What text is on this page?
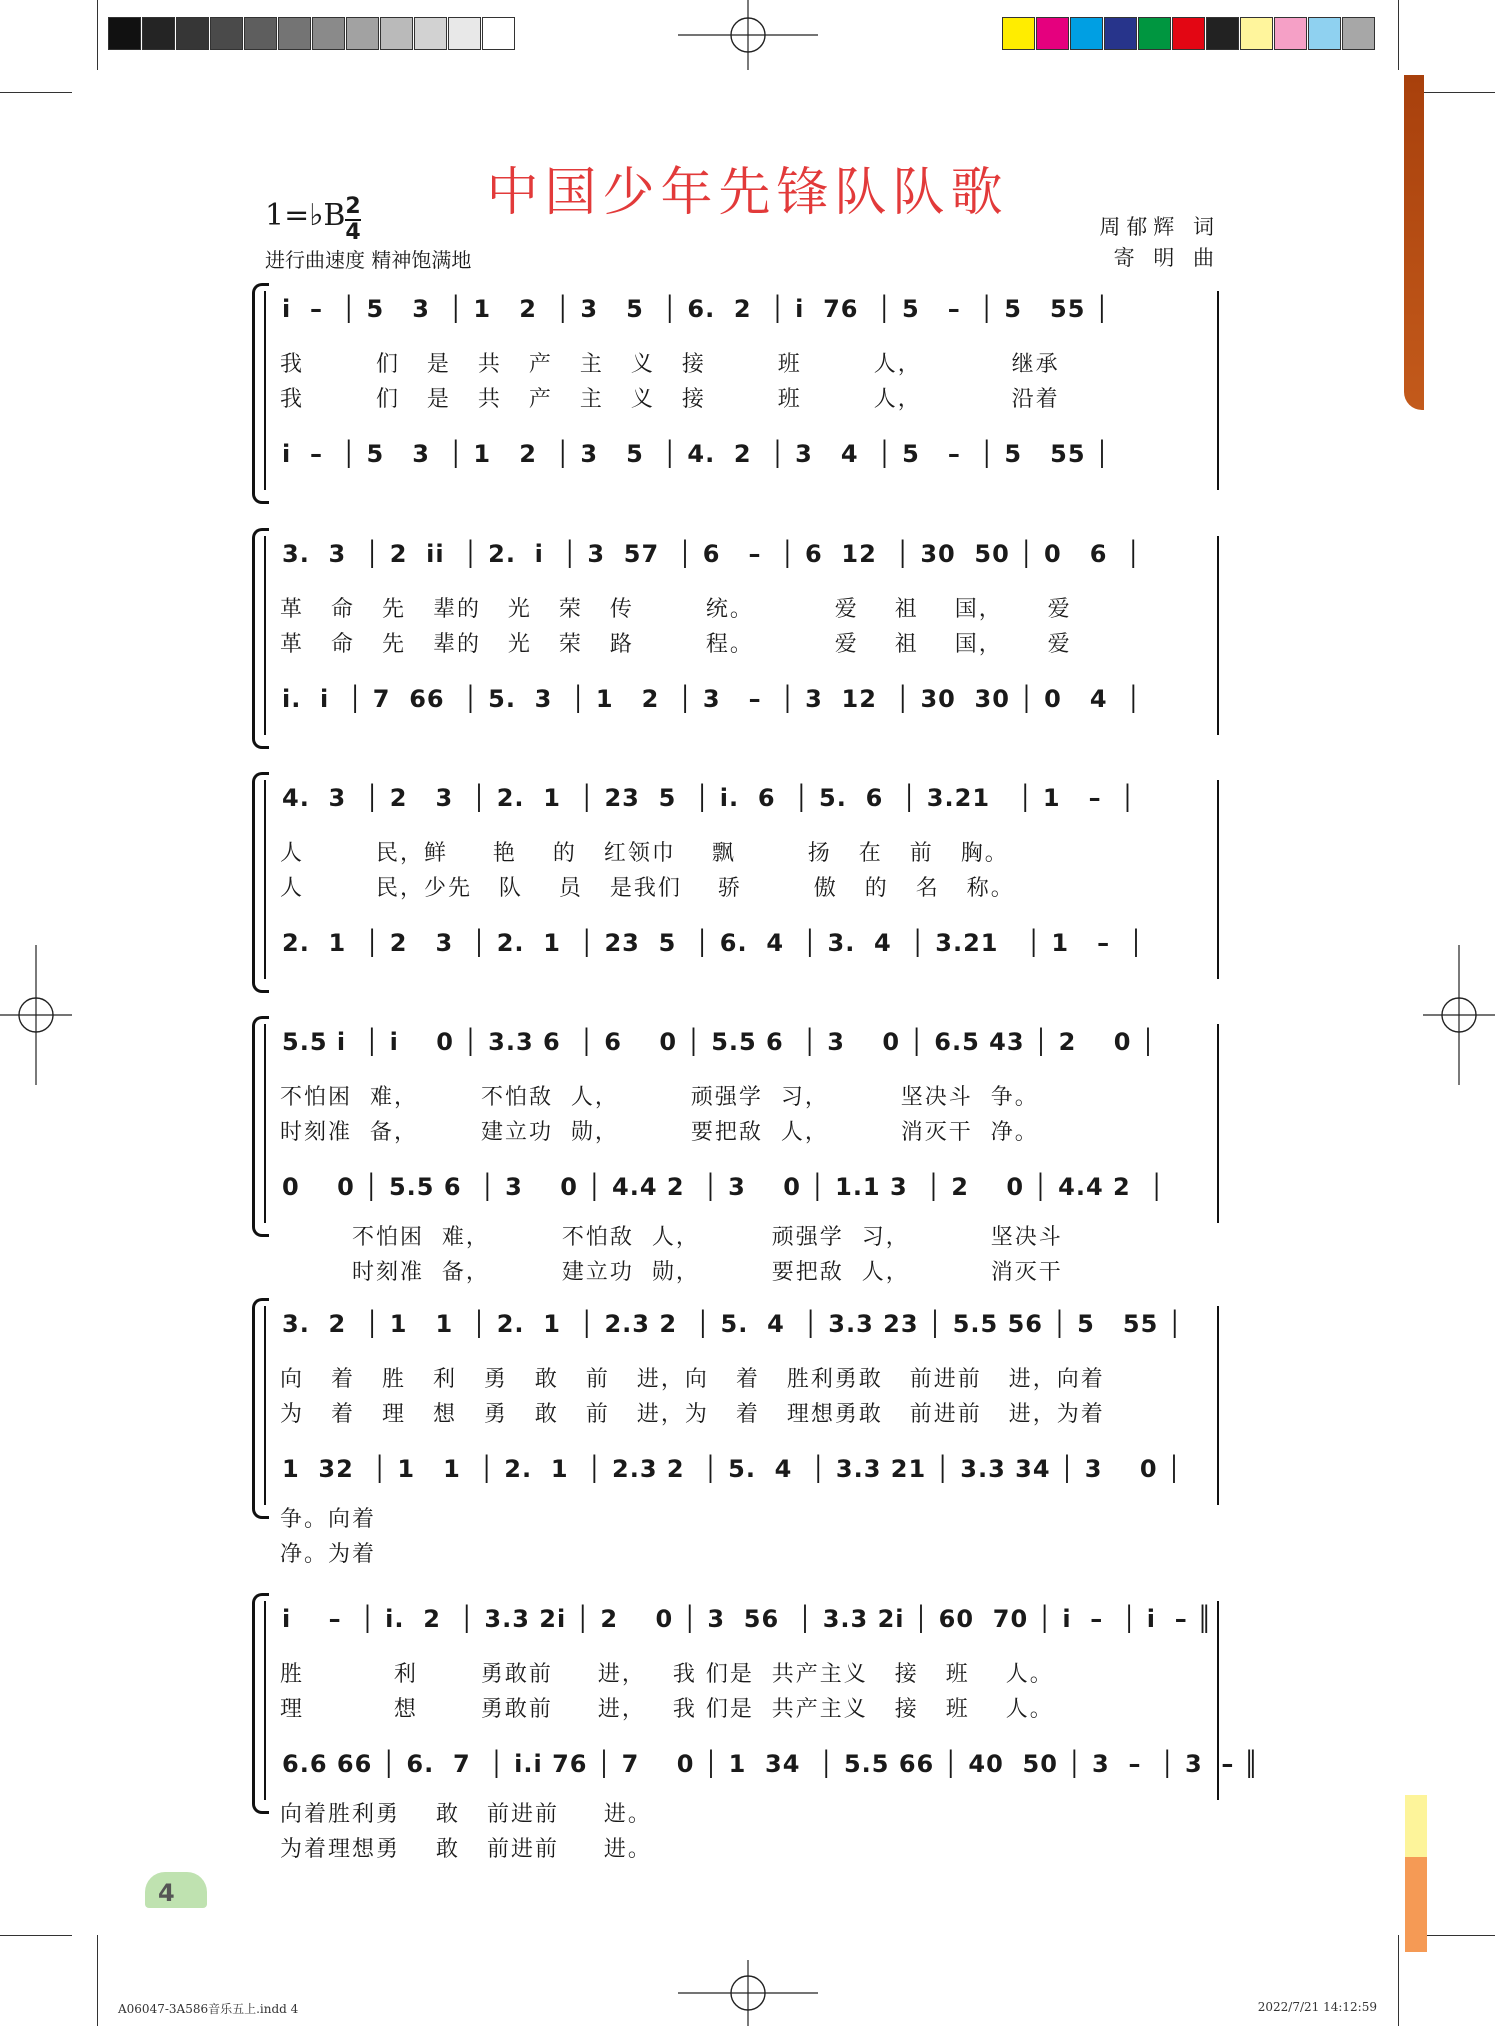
中国少年先锋队队歌
1=♭B 2
4
进行曲速度 精神饱满地
周郁辉 词
寄 明 曲
i  –  │ 5   3  │ 1   2  │ 3   5  │ 6.  2  │ i  76  │ 5   –  │ 5   55 │
我        们   是   共   产   主   义   接        班        人，          继承
我        们   是   共   产   主   义   接        班        人，          沿着
i  –  │ 5   3  │ 1   2  │ 3   5  │ 4.  2  │ 3   4  │ 5   –  │ 5   55 │
3.  3  │ 2  ii  │ 2.  i  │ 3  57  │ 6   –  │ 6  12  │ 30  50 │ 0   6  │
革   命   先   辈的   光   荣   传        统。         爱    祖    国，     爱
革   命   先   辈的   光   荣   路        程。         爱    祖    国，     爱
i.  i  │ 7  66  │ 5.  3  │ 1   2  │ 3   –  │ 3  12  │ 30  30 │ 0   4  │
4.  3  │ 2   3  │ 2.  1  │ 23  5  │ i.  6  │ 5.  6  │ 3.21   │ 1   –  │
人        民，鲜     艳    的   红领巾    飘        扬   在   前   胸。
人        民，少先   队    员   是我们    骄        傲   的   名   称。
2.  1  │ 2   3  │ 2.  1  │ 23  5  │ 6.  4  │ 3.  4  │ 3.21   │ 1   –  │
5.5 i  │ i    0 │ 3.3 6  │ 6    0 │ 5.5 6  │ 3    0 │ 6.5 43 │ 2    0 │
不怕困  难，       不怕敌  人，        顽强学  习，        坚决斗  争。
时刻准  备，       建立功  勋，        要把敌  人，        消灭干  净。
0    0 │ 5.5 6  │ 3    0 │ 4.4 2  │ 3    0 │ 1.1 3  │ 2    0 │ 4.4 2  │
不怕困  难，        不怕敌  人，        顽强学  习，         坚决斗
时刻准  备，        建立功  勋，        要把敌  人，         消灭干
3.  2  │ 1   1  │ 2.  1  │ 2.3 2  │ 5.  4  │ 3.3 23 │ 5.5 56 │ 5   55 │
向   着   胜   利   勇   敢   前   进，向   着   胜利勇敢   前进前   进，向着
为   着   理   想   勇   敢   前   进，为   着   理想勇敢   前进前   进，为着
1  32  │ 1   1  │ 2.  1  │ 2.3 2  │ 5.  4  │ 3.3 21 │ 3.3 34 │ 3    0 │
争。向着
净。为着
i    –  │ i.  2  │ 3.3 2i │ 2    0 │ 3  56  │ 3.3 2i │ 60  70 │ i  –  │ i  – ║
胜          利       勇敢前     进，   我 们是  共产主义   接   班    人。
理          想       勇敢前     进，   我 们是  共产主义   接   班    人。
6.6 66 │ 6.  7  │ i.i 76 │ 7    0 │ 1  34  │ 5.5 66 │ 40  50 │ 3  –  │ 3  – ║
向着胜利勇    敢   前进前     进。
为着理想勇    敢   前进前     进。
4
A06047-3A586音乐五上.indd 4	2022/7/21 14:12:59
